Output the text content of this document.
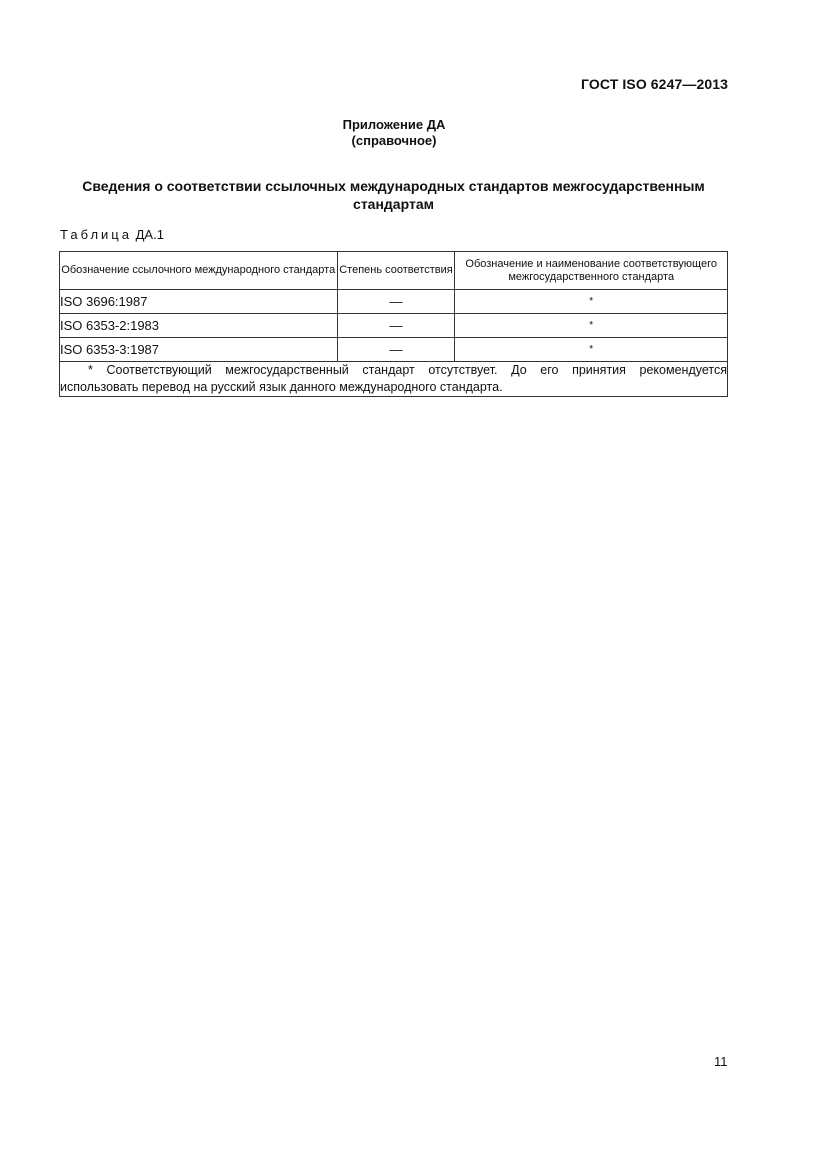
ГОСТ ISO 6247—2013
Приложение ДА
(справочное)
Сведения о соответствии ссылочных международных стандартов межгосударственным стандартам
Таблица ДА.1
Обозначение ссылочного международного стандарта	Степень соответствия	Обозначение и наименование соответствующего межгосударственного стандарта
ISO 3696:1987	—	*
ISO 6353-2:1983	—	*
ISO 6353-3:1987	—	*
* Соответствующий межгосударственный стандарт отсутствует. До его принятия рекомендуется использовать перевод на русский язык данного международного стандарта.		
11
